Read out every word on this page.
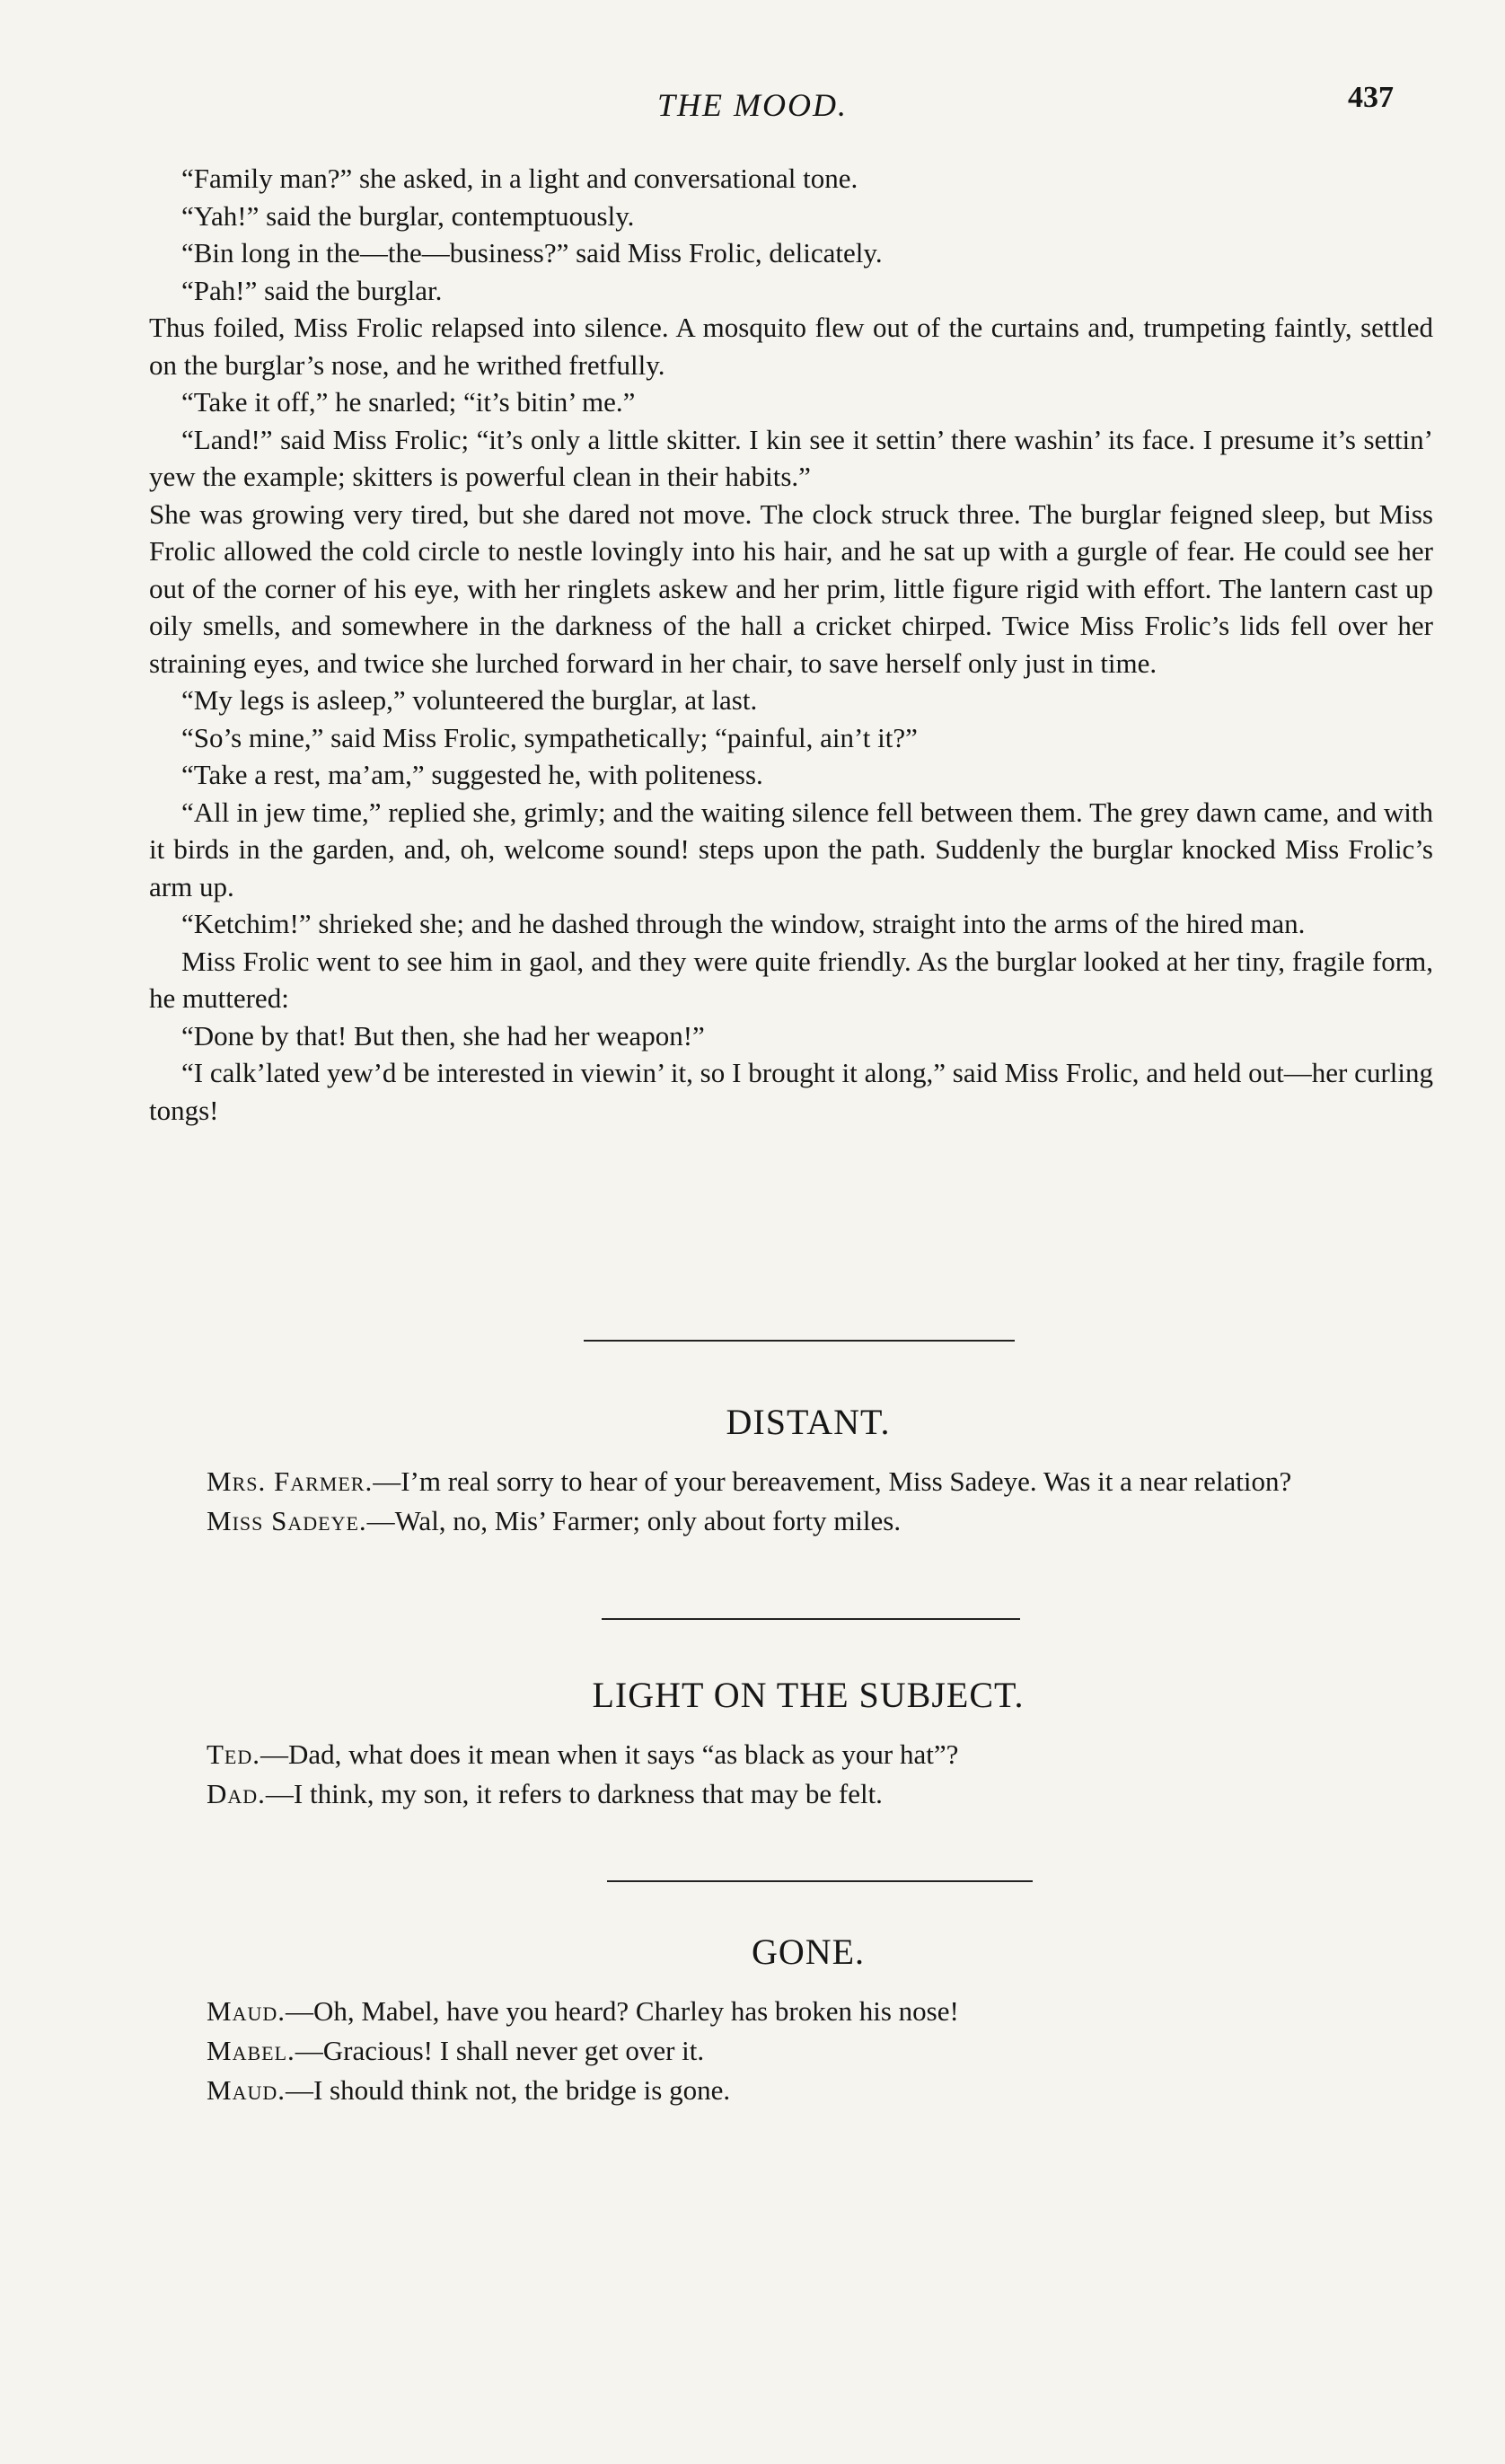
THE MOOD.	437

“Family man?” she asked, in a light and conversational tone.

“Yah!” said the burglar, contemptuously.

“Bin long in the—the—business?” said Miss Frolic, delicately.

“Pah!” said the burglar.

Thus foiled, Miss Frolic relapsed into silence. A mosquito flew out of the curtains and, trumpeting faintly, settled on the burglar’s nose, and he writhed fretfully.

“Take it off,” he snarled; “it’s bitin’ me.”

“Land!” said Miss Frolic; “it’s only a little skitter. I kin see it settin’ there washin’ its face. I presume it’s settin’ yew the example; skitters is powerful clean in their habits.”

She was growing very tired, but she dared not move. The clock struck three. The burglar feigned sleep, but Miss Frolic allowed the cold circle to nestle lovingly into his hair, and he sat up with a gurgle of fear. He could see her out of the corner of his eye, with her ringlets askew and her prim, little figure rigid with effort. The lantern cast up oily smells, and somewhere in the darkness of the hall a cricket chirped. Twice Miss Frolic’s lids fell over her straining eyes, and twice she lurched forward in her chair, to save herself only just in time.

“My legs is asleep,” volunteered the burglar, at last.

“So’s mine,” said Miss Frolic, sympathetically; “painful, ain’t it?”

“Take a rest, ma’am,” suggested he, with politeness.

“All in jew time,” replied she, grimly; and the waiting silence fell between them. The grey dawn came, and with it birds in the garden, and, oh, welcome sound! steps upon the path. Suddenly the burglar knocked Miss Frolic’s arm up.

“Ketchim!” shrieked she; and he dashed through the window, straight into the arms of the hired man.

Miss Frolic went to see him in gaol, and they were quite friendly. As the burglar looked at her tiny, fragile form, he muttered:

“Done by that! But then, she had her weapon!”

“I calk’lated yew’d be interested in viewin’ it, so I brought it along,” said Miss Frolic, and held out—her curling tongs!

DISTANT.

Mrs. Farmer.—I’m real sorry to hear of your bereavement, Miss Sadeye. Was it a near relation?

Miss Sadeye.—Wal, no, Mis’ Farmer; only about forty miles.

LIGHT ON THE SUBJECT.

Ted.—Dad, what does it mean when it says “as black as your hat”?

Dad.—I think, my son, it refers to darkness that may be felt.

GONE.

Maud.—Oh, Mabel, have you heard? Charley has broken his nose!

Mabel.—Gracious! I shall never get over it.

Maud.—I should think not, the bridge is gone.
